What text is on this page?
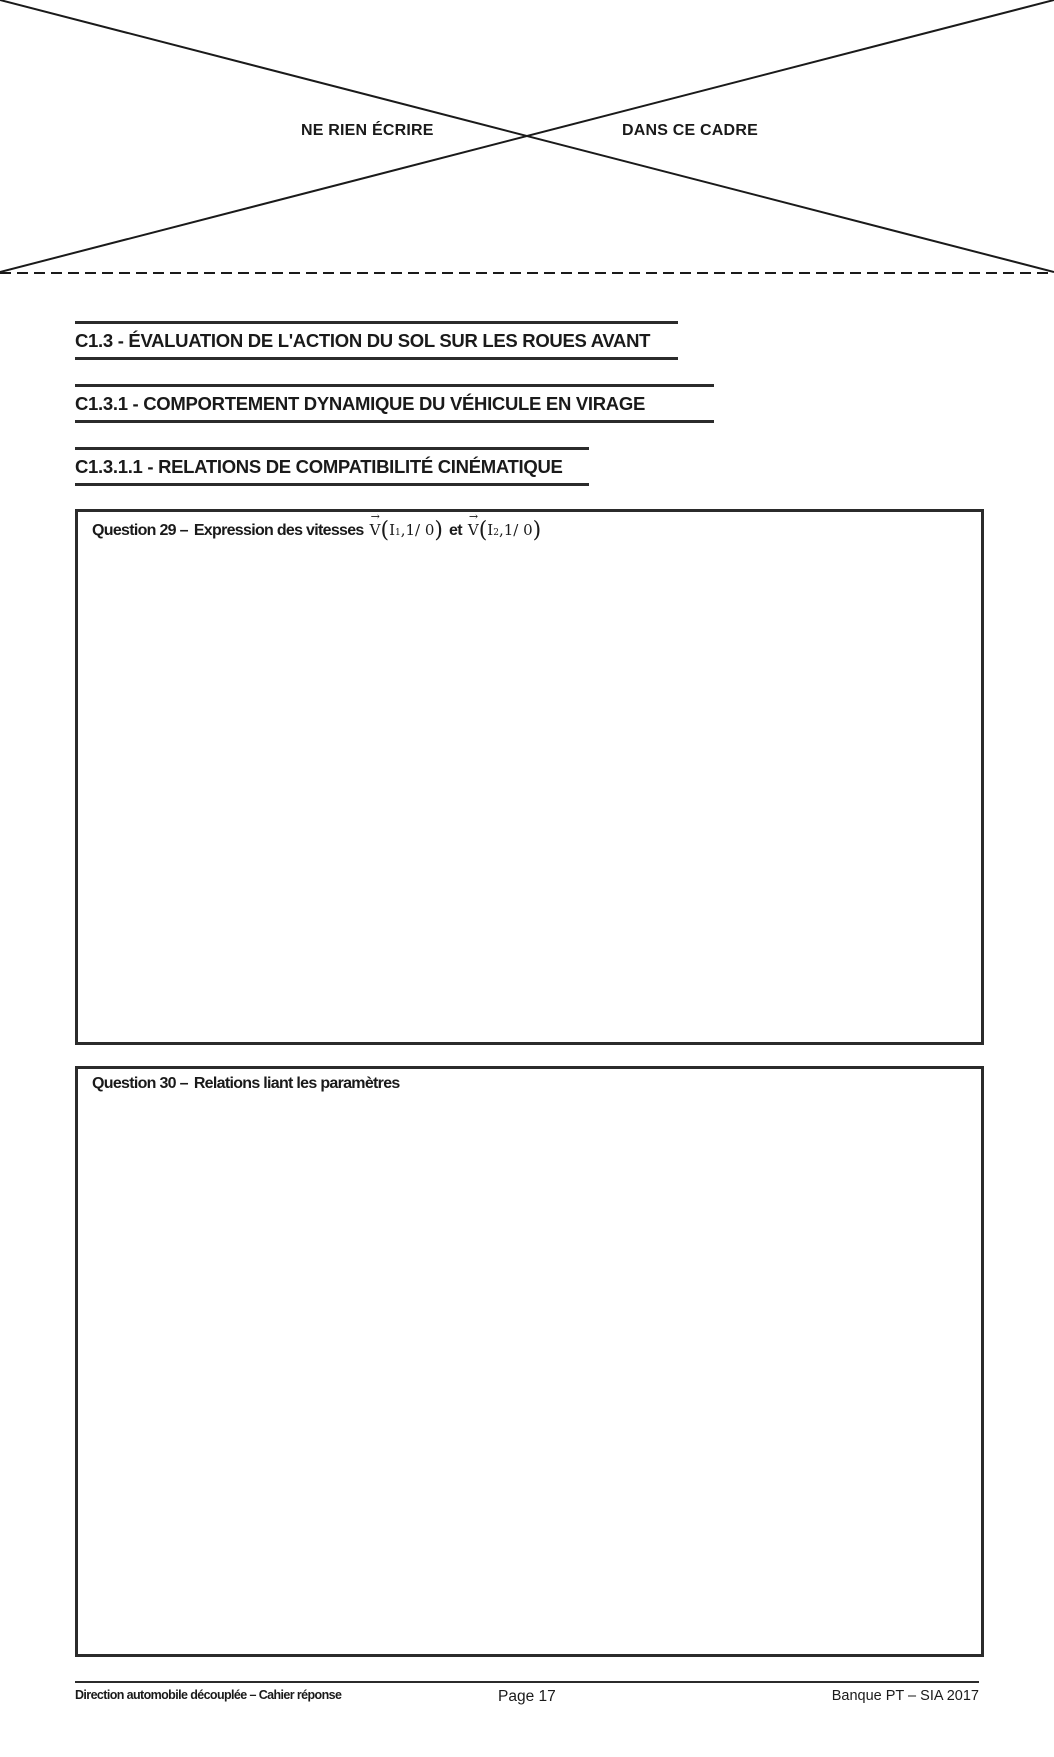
NE RIEN ÉCRIRE	DANS CE CADRE
C1.3 - ÉVALUATION DE L'ACTION DU SOL SUR LES ROUES AVANT
C1.3.1 - COMPORTEMENT DYNAMIQUE DU VÉHICULE EN VIRAGE
C1.3.1.1 - RELATIONS DE COMPATIBILITÉ CINÉMATIQUE
Question 29 – Expression des vitesses → V ( $I_1$ ,1/ 0 ) et → V ( $I_2$ ,1/ 0 )
Question 30 – Relations liant les paramètres
Direction automobile découplée – Cahier réponse	Page 17	Banque PT – SIA 2017
